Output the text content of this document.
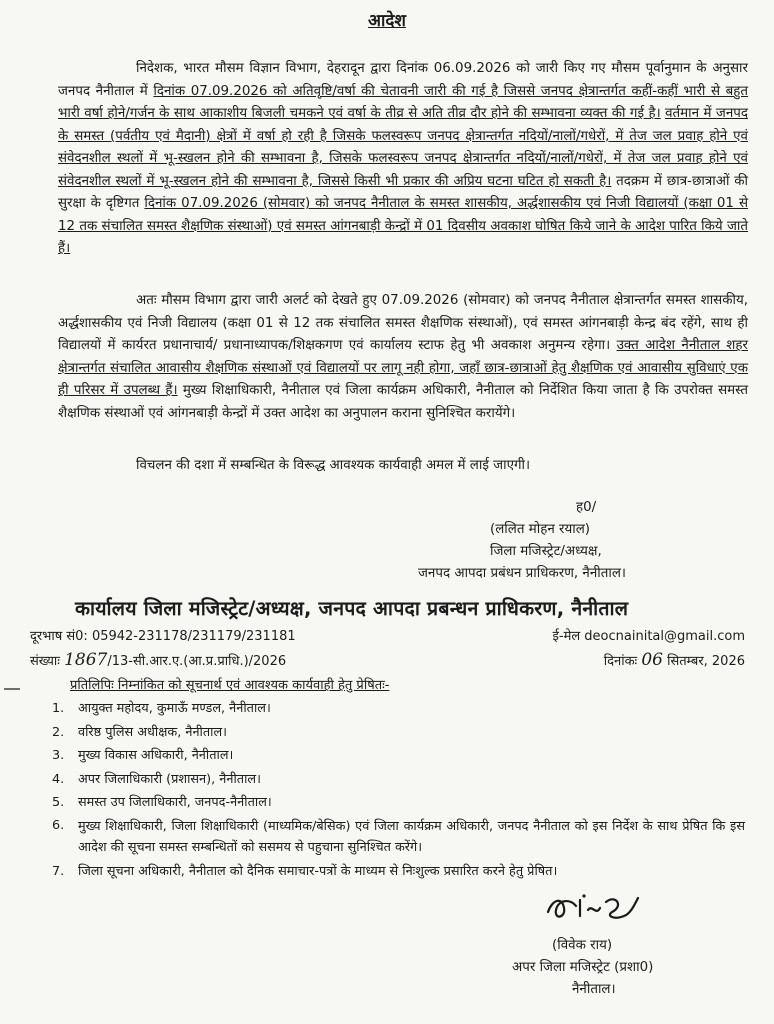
आदेश
निदेशक, भारत मौसम विज्ञान विभाग, देहरादून द्वारा दिनांक 06.09.2026 को जारी किए गए मौसम पूर्वानुमान के अनुसार जनपद नैनीताल में दिनांक 07.09.2026 को अतिवृष्टि/वर्षा की चेतावनी जारी की गई है जिससे जनपद क्षेत्रान्तर्गत कहीं-कहीं भारी से बहुत भारी वर्षा होने/गर्जन के साथ आकाशीय बिजली चमकने एवं वर्षा के तीव्र से अति तीव्र दौर होने की सम्भावना व्यक्त की गई है। वर्तमान में जनपद के समस्त (पर्वतीय एवं मैदानी) क्षेत्रों में वर्षा हो रही है जिसके फलस्वरूप जनपद क्षेत्रान्तर्गत नदियों/नालों/गधेरों, में तेज जल प्रवाह होने एवं संवेदनशील स्थलों में भू-स्खलन होने की सम्भावना है, जिसके फलस्वरूप जनपद क्षेत्रान्तर्गत नदियों/नालों/गधेरों, में तेज जल प्रवाह होने एवं संवेदनशील स्थलों में भू-स्खलन होने की सम्भावना है, जिससे किसी भी प्रकार की अप्रिय घटना घटित हो सकती है। तदक्रम में छात्र-छात्राओं की सुरक्षा के दृष्टिगत दिनांक 07.09.2026 (सोमवार) को जनपद नैनीताल के समस्त शासकीय, अर्द्धशासकीय एवं निजी विद्यालयों (कक्षा 01 से 12 तक संचालित समस्त शैक्षणिक संस्थाओं) एवं समस्त आंगनबाड़ी केन्द्रों में 01 दिवसीय अवकाश घोषित किये जाने के आदेश पारित किये जाते हैं।
अतः मौसम विभाग द्वारा जारी अलर्ट को देखते हुए 07.09.2026 (सोमवार) को जनपद नैनीताल क्षेत्रान्तर्गत समस्त शासकीय, अर्द्धशासकीय एवं निजी विद्यालय (कक्षा 01 से 12 तक संचालित समस्त शैक्षणिक संस्थाओं), एवं समस्त आंगनबाड़ी केन्द्र बंद रहेंगे, साथ ही विद्यालयों में कार्यरत प्रधानाचार्य/ प्रधानाध्यापक/शिक्षकगण एवं कार्यालय स्टाफ हेतु भी अवकाश अनुमन्य रहेगा। उक्त आदेश नैनीताल शहर क्षेत्रान्तर्गत संचालित आवासीय शैक्षणिक संस्थाओं एवं विद्यालयों पर लागू नही होगा, जहाँ छात्र-छात्राओं हेतु शैक्षणिक एवं आवासीय सुविधाएं एक ही परिसर में उपलब्ध हैं। मुख्य शिक्षाधिकारी, नैनीताल एवं जिला कार्यक्रम अधिकारी, नैनीताल को निर्देशित किया जाता है कि उपरोक्त समस्त शैक्षणिक संस्थाओं एवं आंगनबाड़ी केन्द्रों में उक्त आदेश का अनुपालन कराना सुनिश्चित करायेंगे।
विचलन की दशा में सम्बन्धित के विरूद्ध आवश्यक कार्यवाही अमल में लाई जाएगी।
ह0/
(ललित मोहन रयाल)
जिला मजिस्ट्रेट/अध्यक्ष,
जनपद आपदा प्रबंधन प्राधिकरण, नैनीताल।
कार्यालय जिला मजिस्ट्रेट/अध्यक्ष, जनपद आपदा प्रबन्धन प्राधिकरण, नैनीताल
दूरभाष सं0: 05942-231178/231179/231181	ई-मेल deocnainital@gmail.com
संख्याः 1867/13-सी.आर.ए.(आ.प्र.प्राधि.)/2026	दिनांकः 06 सितम्बर, 2026
प्रतिलिपिः निम्नांकित को सूचनार्थ एवं आवश्यक कार्यवाही हेतु प्रेषितः-
1. आयुक्त महोदय, कुमाऊँ मण्डल, नैनीताल।
2. वरिष्ठ पुलिस अधीक्षक, नैनीताल।
3. मुख्य विकास अधिकारी, नैनीताल।
4. अपर जिलाधिकारी (प्रशासन), नैनीताल।
5. समस्त उप जिलाधिकारी, जनपद-नैनीताल।
6. मुख्य शिक्षाधिकारी, जिला शिक्षाधिकारी (माध्यमिक/बेसिक) एवं जिला कार्यक्रम अधिकारी, जनपद नैनीताल को इस निर्देश के साथ प्रेषित कि इस आदेश की सूचना समस्त सम्बन्धितों को ससमय से पहुचाना सुनिश्चित करेंगे।
7. जिला सूचना अधिकारी, नैनीताल को दैनिक समाचार-पत्रों के माध्यम से निःशुल्क प्रसारित करने हेतु प्रेषित।
(विवेक राय)
अपर जिला मजिस्ट्रेट (प्रशा0)
नैनीताल।
